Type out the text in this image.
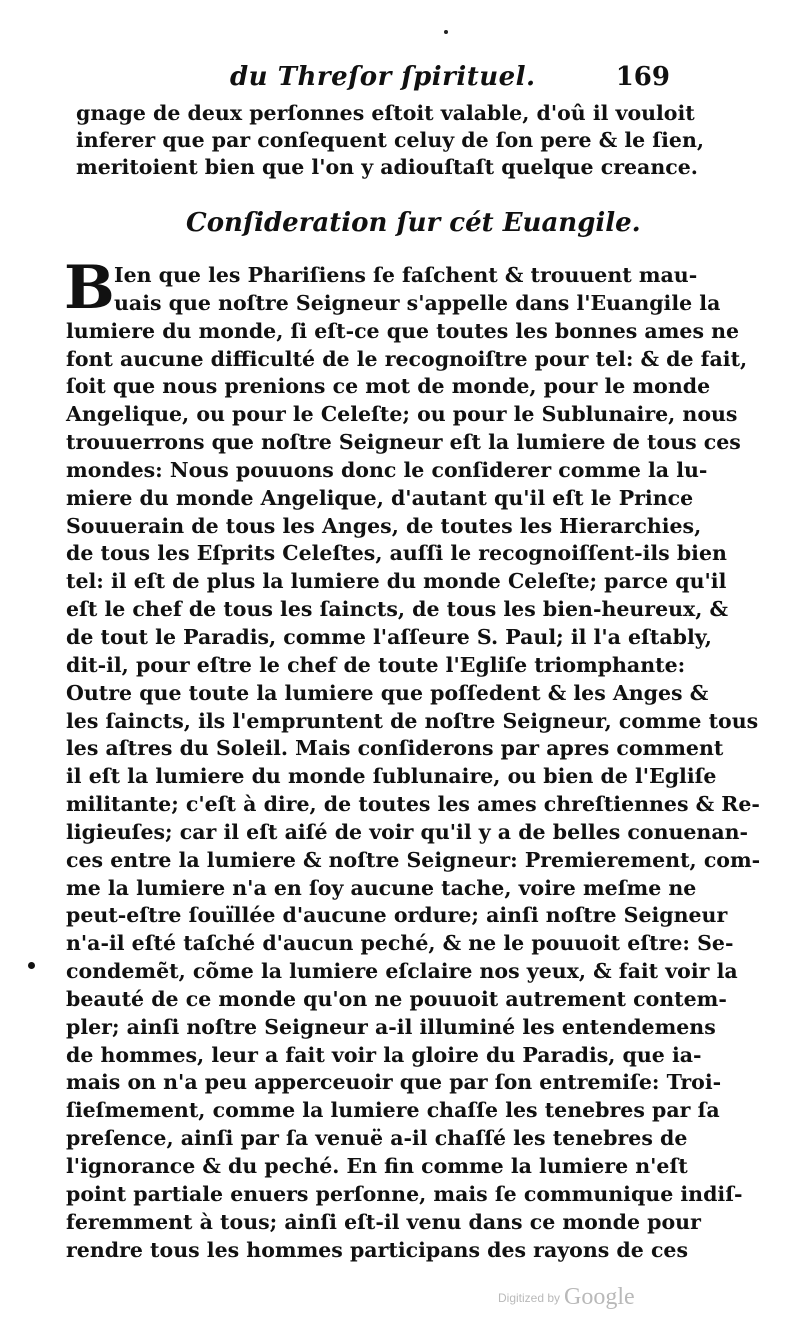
du Threſor ſpirituel.	169
gnage de deux perſonnes eſtoit valable, d'oû il vouloit
inferer que par conſequent celuy de ſon pere & le ſien,
meritoient bien que l'on y adiouſtaſt quelque creance.
Conſideration ſur cét Euangile.
B Ien que les Phariſiens ſe faſchent & trouuent mau-
uais que noſtre Seigneur s'appelle dans l'Euangile la
lumiere du monde, ſi eſt-ce que toutes les bonnes ames ne
font aucune difficulté de le recognoiſtre pour tel: & de fait,
ſoit que nous prenions ce mot de monde, pour le monde
Angelique, ou pour le Celeſte; ou pour le Sublunaire, nous
trouuerrons que noſtre Seigneur eſt la lumiere de tous ces
mondes: Nous pouuons donc le conſiderer comme la lu-
miere du monde Angelique, d'autant qu'il eſt le Prince
Souuerain de tous les Anges, de toutes les Hierarchies,
de tous les Eſprits Celeſtes, auſſi le recognoiſſent-ils bien
tel: il eſt de plus la lumiere du monde Celeſte; parce qu'il
eſt le chef de tous les ſaincts, de tous les bien-heureux, &
de tout le Paradis, comme l'aſſeure S. Paul; il l'a eſtably,
dit-il, pour eſtre le chef de toute l'Egliſe triomphante:
Outre que toute la lumiere que poſſedent & les Anges &
les ſaincts, ils l'empruntent de noſtre Seigneur, comme tous
les aſtres du Soleil. Mais conſiderons par apres comment
il eſt la lumiere du monde ſublunaire, ou bien de l'Egliſe
militante; c'eſt à dire, de toutes les ames chreſtiennes & Re-
ligieuſes; car il eſt aiſé de voir qu'il y a de belles conuenan-
ces entre la lumiere & noſtre Seigneur: Premierement, com-
me la lumiere n'a en ſoy aucune tache, voire meſme ne
peut-eſtre ſouïllée d'aucune ordure; ainſi noſtre Seigneur
n'a-il eſté taſché d'aucun peché, & ne le pouuoit eſtre: Se-
condemẽt, cõme la lumiere eſclaire nos yeux, & fait voir la
beauté de ce monde qu'on ne pouuoit autrement contem-
pler; ainſi noſtre Seigneur a-il illuminé les entendemens
de hommes, leur a fait voir la gloire du Paradis, que ia-
mais on n'a peu apperceuoir que par ſon entremiſe: Troi-
ſieſmement, comme la lumiere chaſſe les tenebres par ſa
preſence, ainſi par ſa venuë a-il chaſſé les tenebres de
l'ignorance & du peché. En fin comme la lumiere n'eſt
point partiale enuers perſonne, mais ſe communique indiſ-
feremment à tous; ainſi eſt-il venu dans ce monde pour
rendre tous les hommes participans des rayons de ces
Digitized by Google
